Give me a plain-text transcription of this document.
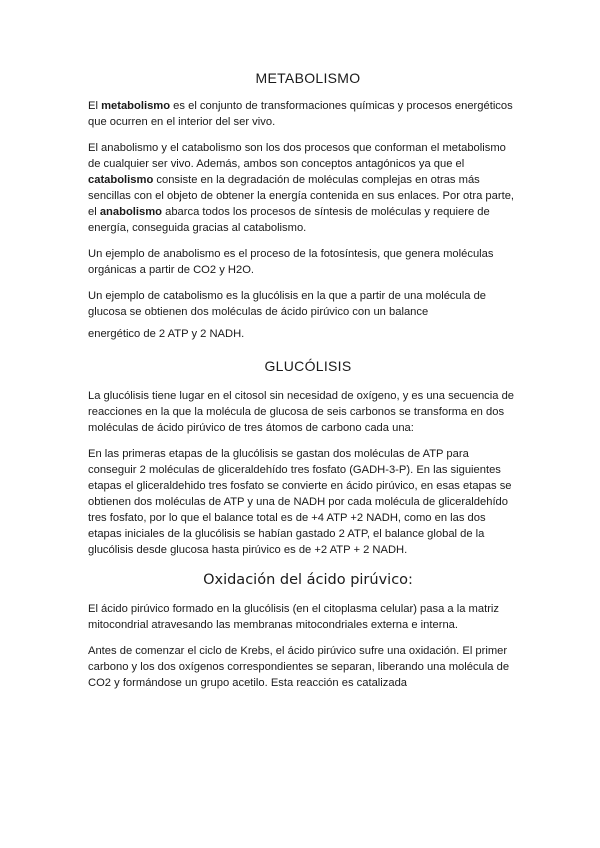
METABOLISMO

El metabolismo es el conjunto de transformaciones químicas y procesos energéticos que ocurren en el interior del ser vivo.

El anabolismo y el catabolismo son los dos procesos que conforman el metabolismo de cualquier ser vivo. Además, ambos son conceptos antagónicos ya que el catabolismo consiste en la degradación de moléculas complejas en otras más sencillas con el objeto de obtener la energía contenida en sus enlaces. Por otra parte, el anabolismo abarca todos los procesos de síntesis de moléculas y requiere de energía, conseguida gracias al catabolismo.

Un ejemplo de anabolismo es el proceso de la fotosíntesis, que genera moléculas orgánicas a partir de CO2 y H2O.

Un ejemplo de catabolismo es la glucólisis en la que a partir de una molécula de glucosa se obtienen dos moléculas de ácido pirúvico con un balance

energético de 2 ATP y 2 NADH.

GLUCÓLISIS

La glucólisis tiene lugar en el citosol sin necesidad de oxígeno, y es una secuencia de reacciones en la que la molécula de glucosa de seis carbonos se transforma en dos moléculas de ácido pirúvico de tres átomos de carbono cada una:

En las primeras etapas de la glucólisis se gastan dos moléculas de ATP para conseguir 2 moléculas de gliceraldehído tres fosfato (GADH-3-P). En las siguientes etapas el gliceraldehido tres fosfato se convierte en ácido pirúvico, en esas etapas se obtienen dos moléculas de ATP y una de NADH por cada molécula de gliceraldehído tres fosfato, por lo que el balance total es de +4 ATP +2 NADH, como en las dos etapas iniciales de la glucólisis se habían gastado 2 ATP, el balance global de la glucólisis desde glucosa hasta pirúvico es de +2 ATP + 2 NADH.

Oxidación del ácido pirúvico:

El ácido pirúvico formado en la glucólisis (en el citoplasma celular) pasa a la matriz mitocondrial atravesando las membranas mitocondriales externa e interna.

Antes de comenzar el ciclo de Krebs, el ácido pirúvico sufre una oxidación. El primer carbono y los dos oxígenos correspondientes se separan, liberando una molécula de CO2 y formándose un grupo acetilo. Esta reacción es catalizada
